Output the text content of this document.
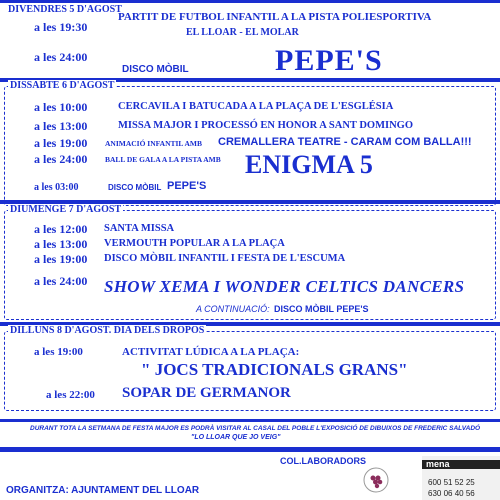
DIVENDRES 5 D'AGOST
a les 19:30
PARTIT DE FUTBOL INFANTIL A LA PISTA POLIESPORTIVA
EL LLOAR - EL MOLAR
a les 24:00
DISCO MÒBIL	PEPE'S
DISSABTE 6 D'AGOST
a les 10:00	CERCAVILA I BATUCADA A LA PLAÇA DE L'ESGLÉSIA
a les 13:00	MISSA MAJOR I PROCESSÓ EN HONOR A SANT DOMINGO
a les 19:00 ANIMACIÓ INFANTIL AMB CREMALLERA TEATRE - CARAM COM BALLA!!!
a les 24:00 BALL DE GALA A LA PISTA AMB ENIGMA 5
a les 03:00	DISCO MÒBIL PEPE'S
DIUMENGE 7 D'AGOST
a les 12:00 SANTA MISSA
a les 13:00 VERMOUTH POPULAR A LA PLAÇA
a les 19:00 DISCO MÒBIL INFANTIL I FESTA DE L'ESCUMA
a les 24:00 SHOW XEMA I WONDER CELTICS DANCERS
A CONTINUACIÓ: DISCO MÒBIL PEPE'S
DILLUNS 8 D'AGOST. DIA DELS DROPOS
a les 19:00	ACTIVITAT LÚDICA A LA PLAÇA:
" JOCS TRADICIONALS GRANS"
a les 22:00 SOPAR DE GERMANOR
DURANT TOTA LA SETMANA DE FESTA MAJOR ES PODRÀ VISITAR AL CASAL DEL POBLE L'EXPOSICIÓ DE DIBUIXOS DE FREDERIC SALVADÓ
"LO LLOAR QUE JO VEIG"
COL.LABORADORS
ORGANITZA: AJUNTAMENT DEL LLOAR
mena
600 51 52 25
630 06 40 56
